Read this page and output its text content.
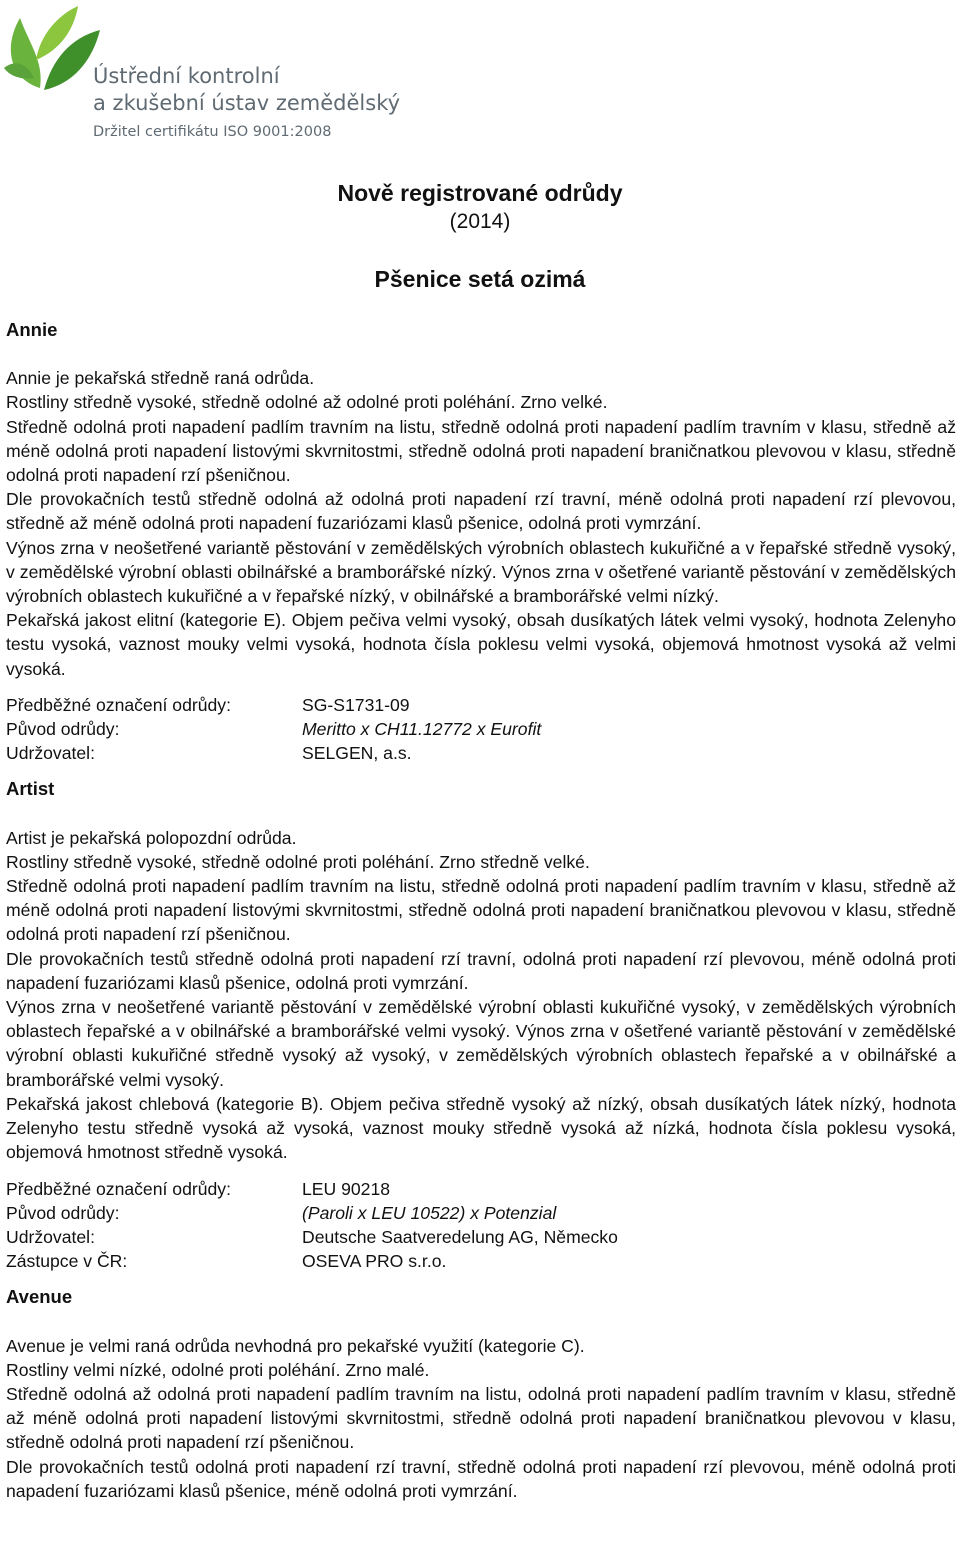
Ústřední kontrolní
a zkušební ústav zemědělský
Držitel certifikátu ISO 9001:2008
Nově registrované odrůdy
(2014)
Pšenice setá ozimá
Annie

Annie je pekařská středně raná odrůda.

Rostliny středně vysoké, středně odolné až odolné proti poléhání. Zrno velké.

Středně odolná proti napadení padlím travním na listu, středně odolná proti napadení padlím travním v klasu, středně až méně odolná proti napadení listovými skvrnitostmi, středně odolná proti napadení braničnatkou plevovou v klasu, středně odolná proti napadení rzí pšeničnou.

Dle provokačních testů středně odolná až odolná proti napadení rzí travní, méně odolná proti napadení rzí plevovou, středně až méně odolná proti napadení fuzariózami klasů pšenice, odolná proti vymrzání.

Výnos zrna v neošetřené variantě pěstování v zemědělských výrobních oblastech kukuřičné a v řepařské středně vysoký, v zemědělské výrobní oblasti obilnářské a bramborářské nízký. Výnos zrna v ošetřené variantě pěstování v zemědělských výrobních oblastech kukuřičné a v řepařské nízký, v obilnářské a bramborářské velmi nízký.

Pekařská jakost elitní (kategorie E). Objem pečiva velmi vysoký, obsah dusíkatých látek velmi vysoký, hodnota Zelenyho testu vysoká, vaznost mouky velmi vysoká, hodnota čísla poklesu velmi vysoká, objemová hmotnost vysoká až velmi vysoká.

Předběžné označení odrůdy:	SG-S1731-09
Původ odrůdy:	Meritto x CH11.12772 x Eurofit
Udržovatel:	SELGEN, a.s.
Artist

Artist je pekařská polopozdní odrůda.

Rostliny středně vysoké, středně odolné proti poléhání. Zrno středně velké.

Středně odolná proti napadení padlím travním na listu, středně odolná proti napadení padlím travním v klasu, středně až méně odolná proti napadení listovými skvrnitostmi, středně odolná proti napadení braničnatkou plevovou v klasu, středně odolná proti napadení rzí pšeničnou.

Dle provokačních testů středně odolná proti napadení rzí travní, odolná proti napadení rzí plevovou, méně odolná proti napadení fuzariózami klasů pšenice, odolná proti vymrzání.

Výnos zrna v neošetřené variantě pěstování v zemědělské výrobní oblasti kukuřičné vysoký, v zemědělských výrobních oblastech řepařské a v obilnářské a bramborářské velmi vysoký. Výnos zrna v ošetřené variantě pěstování v zemědělské výrobní oblasti kukuřičné středně vysoký až vysoký, v zemědělských výrobních oblastech řepařské a v obilnářské a bramborářské velmi vysoký.

Pekařská jakost chlebová (kategorie B). Objem pečiva středně vysoký až nízký, obsah dusíkatých látek nízký, hodnota Zelenyho testu středně vysoká až vysoká, vaznost mouky středně vysoká až nízká, hodnota čísla poklesu vysoká, objemová hmotnost středně vysoká.

Předběžné označení odrůdy:	LEU 90218
Původ odrůdy:	(Paroli x LEU 10522) x Potenzial
Udržovatel:	Deutsche Saatveredelung AG, Německo
Zástupce v ČR:	OSEVA PRO s.r.o.
Avenue

Avenue je velmi raná odrůda nevhodná pro pekařské využití (kategorie C).

Rostliny velmi nízké, odolné proti poléhání. Zrno malé.

Středně odolná až odolná proti napadení padlím travním na listu, odolná proti napadení padlím travním v klasu, středně až méně odolná proti napadení listovými skvrnitostmi, středně odolná proti napadení braničnatkou plevovou v klasu, středně odolná proti napadení rzí pšeničnou.

Dle provokačních testů odolná proti napadení rzí travní, středně odolná proti napadení rzí plevovou, méně odolná proti napadení fuzariózami klasů pšenice, méně odolná proti vymrzání.
